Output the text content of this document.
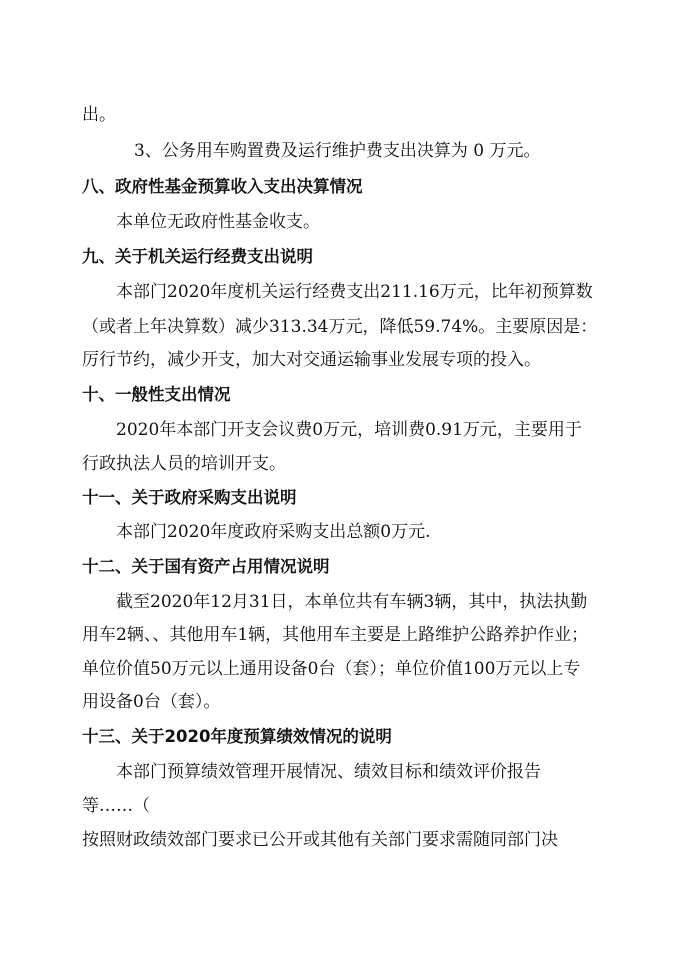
出。
3、公务用车购置费及运行维护费支出决算为 0 万元。
八、政府性基金预算收入支出决算情况
本单位无政府性基金收支。
九、关于机关运行经费支出说明
本部门2020年度机关运行经费支出211.16万元，比年初预算数
（或者上年决算数）减少313.34万元，降低59.74%。主要原因是：
厉行节约，减少开支，加大对交通运输事业发展专项的投入。
十、一般性支出情况
2020年本部门开支会议费0万元，培训费0.91万元，主要用于
行政执法人员的培训开支。
十一、关于政府采购支出说明
本部门2020年度政府采购支出总额0万元.
十二、关于国有资产占用情况说明
截至2020年12月31日，本单位共有车辆3辆，其中，执法执勤
用车2辆、、其他用车1辆，其他用车主要是上路维护公路养护作业；
单位价值50万元以上通用设备0台（套）；单位价值100万元以上专
用设备0台（套）。
十三、关于2020年度预算绩效情况的说明
本部门预算绩效管理开展情况、绩效目标和绩效评价报告
等……（
按照财政绩效部门要求已公开或其他有关部门要求需随同部门决
